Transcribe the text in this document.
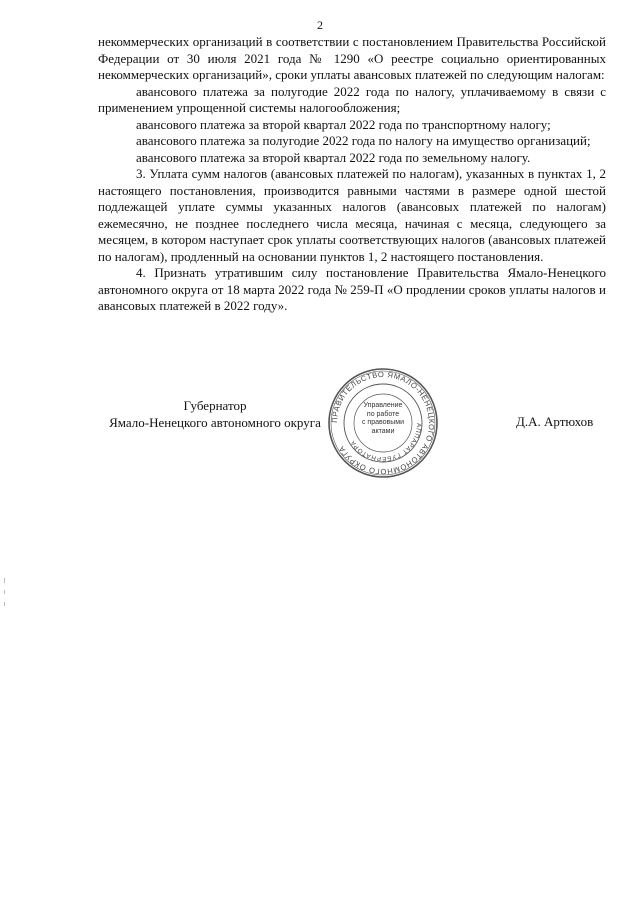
2

некоммерческих организаций в соответствии с постановлением Правительства Российской Федерации от 30 июля 2021 года № 1290 «О реестре социально ориентированных некоммерческих организаций», сроки уплаты авансовых платежей по следующим налогам:

авансового платежа за полугодие 2022 года по налогу, уплачиваемому в связи с применением упрощенной системы налогообложения;

авансового платежа за второй квартал 2022 года по транспортному налогу;

авансового платежа за полугодие 2022 года по налогу на имущество организаций;

авансового платежа за второй квартал 2022 года по земельному налогу.

3. Уплата сумм налогов (авансовых платежей по налогам), указанных в пунктах 1, 2 настоящего постановления, производится равными частями в размере одной шестой подлежащей уплате суммы указанных налогов (авансовых платежей по налогам) ежемесячно, не позднее последнего числа месяца, начиная с месяца, следующего за месяцем, в котором наступает срок уплаты соответствующих налогов (авансовых платежей по налогам), продленный на основании пунктов 1, 2 настоящего постановления.

4. Признать утратившим силу постановление Правительства Ямало-Ненецкого автономного округа от 18 марта 2022 года № 259-П «О продлении сроков уплаты налогов и авансовых платежей в 2022 году».

Губернатор
Ямало-Ненецкого автономного округа	ПРАВИТЕЛЬСТВО ЯМАЛО-НЕНЕЦКОГО АВТОНОМНОГО ОКРУГА
АППАРАТ ГУБЕРНАТОРА
Управление
по работе
с правовыми
актами
Д.А. Артюхов
